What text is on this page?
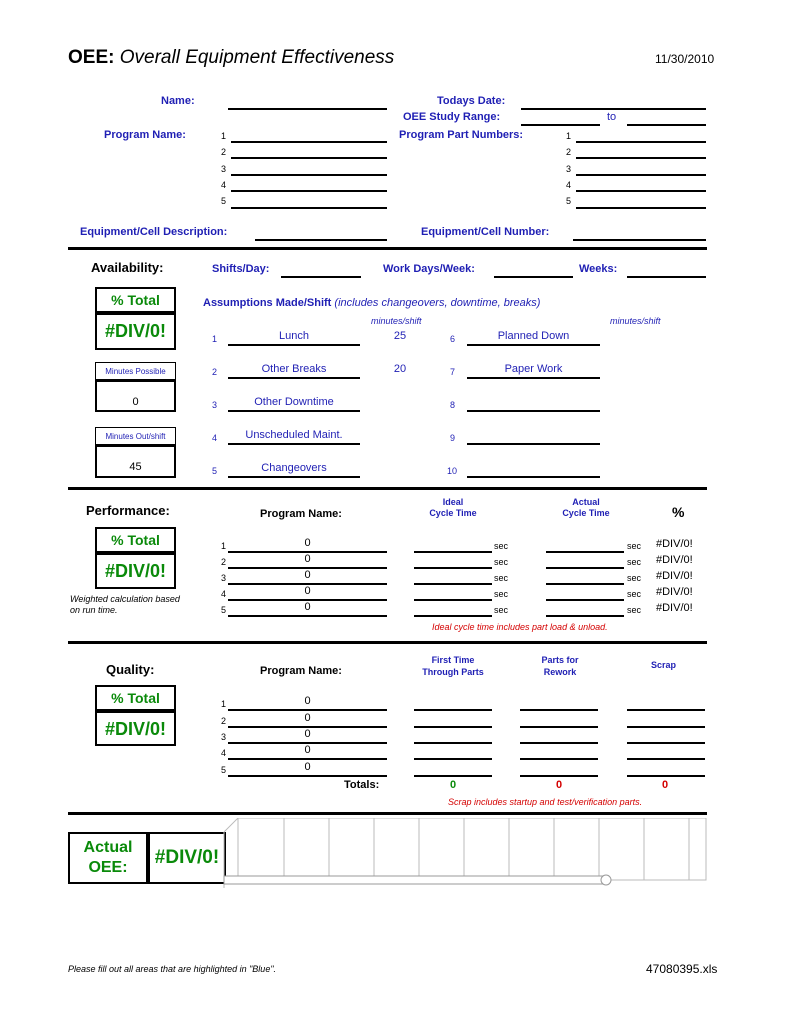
OEE: Overall Equipment Effectiveness	11/30/2010
Name:	Todays Date:
OEE Study Range:	to
Program Name:	Program Part Numbers:
1
2
3
4
5
1
2
3
4
5
Equipment/Cell Description:	Equipment/Cell Number:
Availability:	Shifts/Day:	Work Days/Week:	Weeks:
% Total
#DIV/0!
Minutes Possible
0
Minutes Out/shift
45
Assumptions Made/Shift (includes changeovers, downtime, breaks)
minutes/shift	minutes/shift
1	Lunch	25
2	Other Breaks	20
3	Other Downtime
4	Unscheduled Maint.
5	Changeovers
6	Planned Down
7	Paper Work
8
9
10
Performance:	Program Name:
Ideal
Cycle Time
Actual
Cycle Time	%
% Total
#DIV/0!
Weighted calculation based
on run time.
1	0	sec	sec #DIV/0!
2	0	sec	sec #DIV/0!
3	0	sec	sec #DIV/0!
4	0	sec	sec #DIV/0!
5	0	sec	sec #DIV/0!
Ideal cycle time includes part load & unload.
Quality:	Program Name:
First Time
Through Parts
Parts for
Rework
Scrap
% Total
#DIV/0!
1	0
2	0
3	0
4	0
5	0
Totals:	0	0	0
Scrap includes startup and test/verification parts.
Actual
OEE:	#DIV/0!
Please fill out all areas that are highlighted in "Blue".	47080395.xls
